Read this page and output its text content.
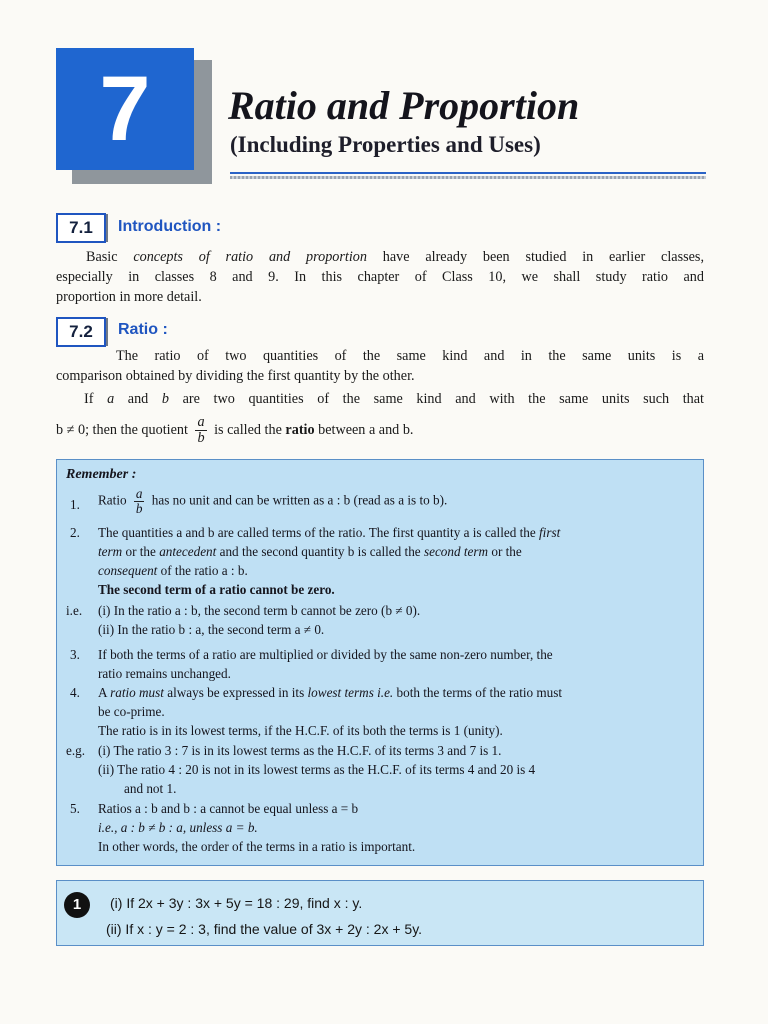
7	Ratio and Proportion
(Including Properties and Uses)
7.1	Introduction :
Basic concepts of ratio and proportion have already been studied in earlier classes,
especially in classes 8 and 9. In this chapter of Class 10, we shall study ratio and
proportion in more detail.
7.2	Ratio :
The ratio of two quantities of the same kind and in the same units is a
comparison obtained by dividing the first quantity by the other.
If a and b are two quantities of the same kind and with the same units such that
b ≠ 0; then the quotient $\frac{a}{b}$ is called the ratio between a and b.
Remember :
1. Ratio $\frac{a}{b}$ has no unit and can be written as a : b (read as a is to b).
2. The quantities a and b are called terms of the ratio. The first quantity a is called the first
term or the antecedent and the second quantity b is called the second term or the
consequent of the ratio a : b.
The second term of a ratio cannot be zero.
i.e. (i) In the ratio a : b, the second term b cannot be zero (b ≠ 0).
(ii) In the ratio b : a, the second term a ≠ 0.
3. If both the terms of a ratio are multiplied or divided by the same non-zero number, the
ratio remains unchanged.
4. A ratio must always be expressed in its lowest terms i.e. both the terms of the ratio must
be co-prime.
The ratio is in its lowest terms, if the H.C.F. of its both the terms is 1 (unity).
e.g. (i) The ratio 3 : 7 is in its lowest terms as the H.C.F. of its terms 3 and 7 is 1.
(ii) The ratio 4 : 20 is not in its lowest terms as the H.C.F. of its terms 4 and 20 is 4
and not 1.
5. Ratios a : b and b : a cannot be equal unless a = b
i.e., a : b ≠ b : a, unless a = b.
In other words, the order of the terms in a ratio is important.
1	(i) If 2x + 3y : 3x + 5y = 18 : 29, find x : y.
(ii) If x : y = 2 : 3, find the value of 3x + 2y : 2x + 5y.
